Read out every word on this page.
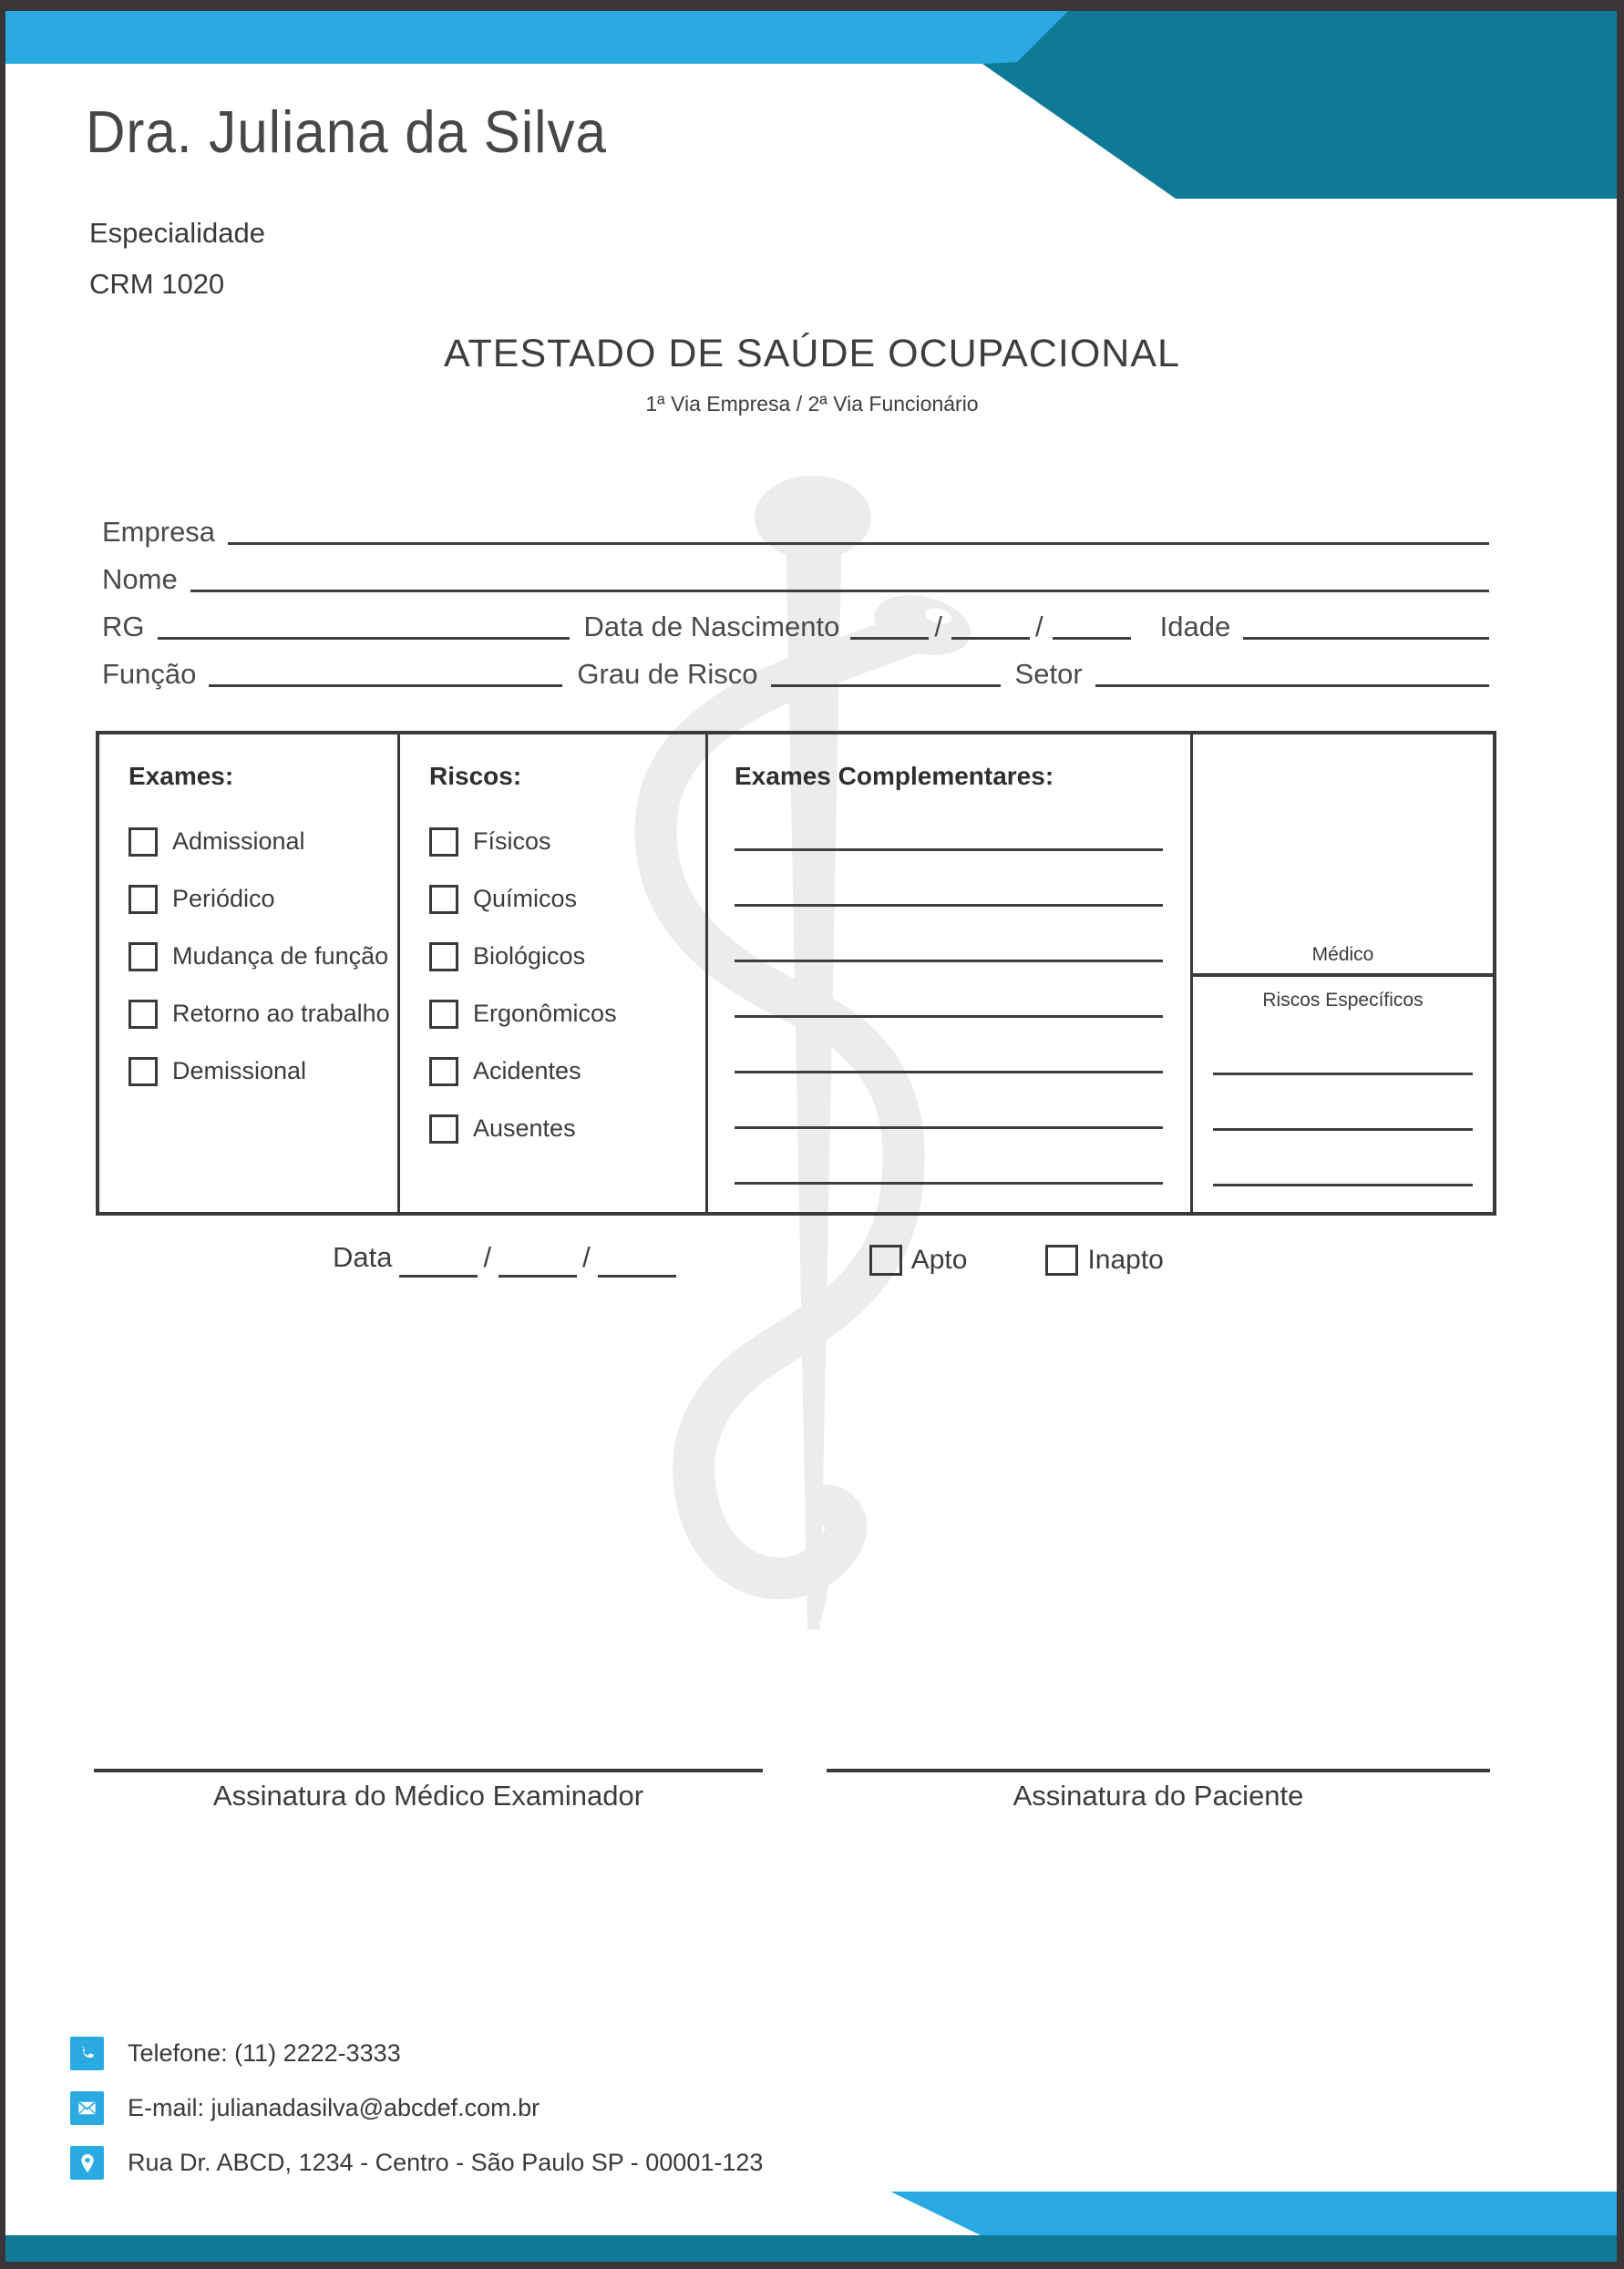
Dra. Juliana da Silva
Especialidade
CRM 1020
ATESTADO DE SAÚDE OCUPACIONAL
1ª Via Empresa / 2ª Via Funcionário
Empresa
Nome
RG	Data de Nascimento	/	/	Idade
Função	Grau de Risco	Setor
Exames:
Admissional
Periódico
Mudança de função
Retorno ao trabalho
Demissional
Riscos:
Físicos
Químicos
Biológicos
Ergonômicos
Acidentes
Ausentes
Exames Complementares:
Médico
Riscos Específicos
Data	/	/	Apto	Inapto
Assinatura do Médico Examinador	Assinatura do Paciente
Telefone: (11) 2222-3333
E-mail: julianadasilva@abcdef.com.br
Rua Dr. ABCD, 1234 - Centro - São Paulo SP - 00001-123
